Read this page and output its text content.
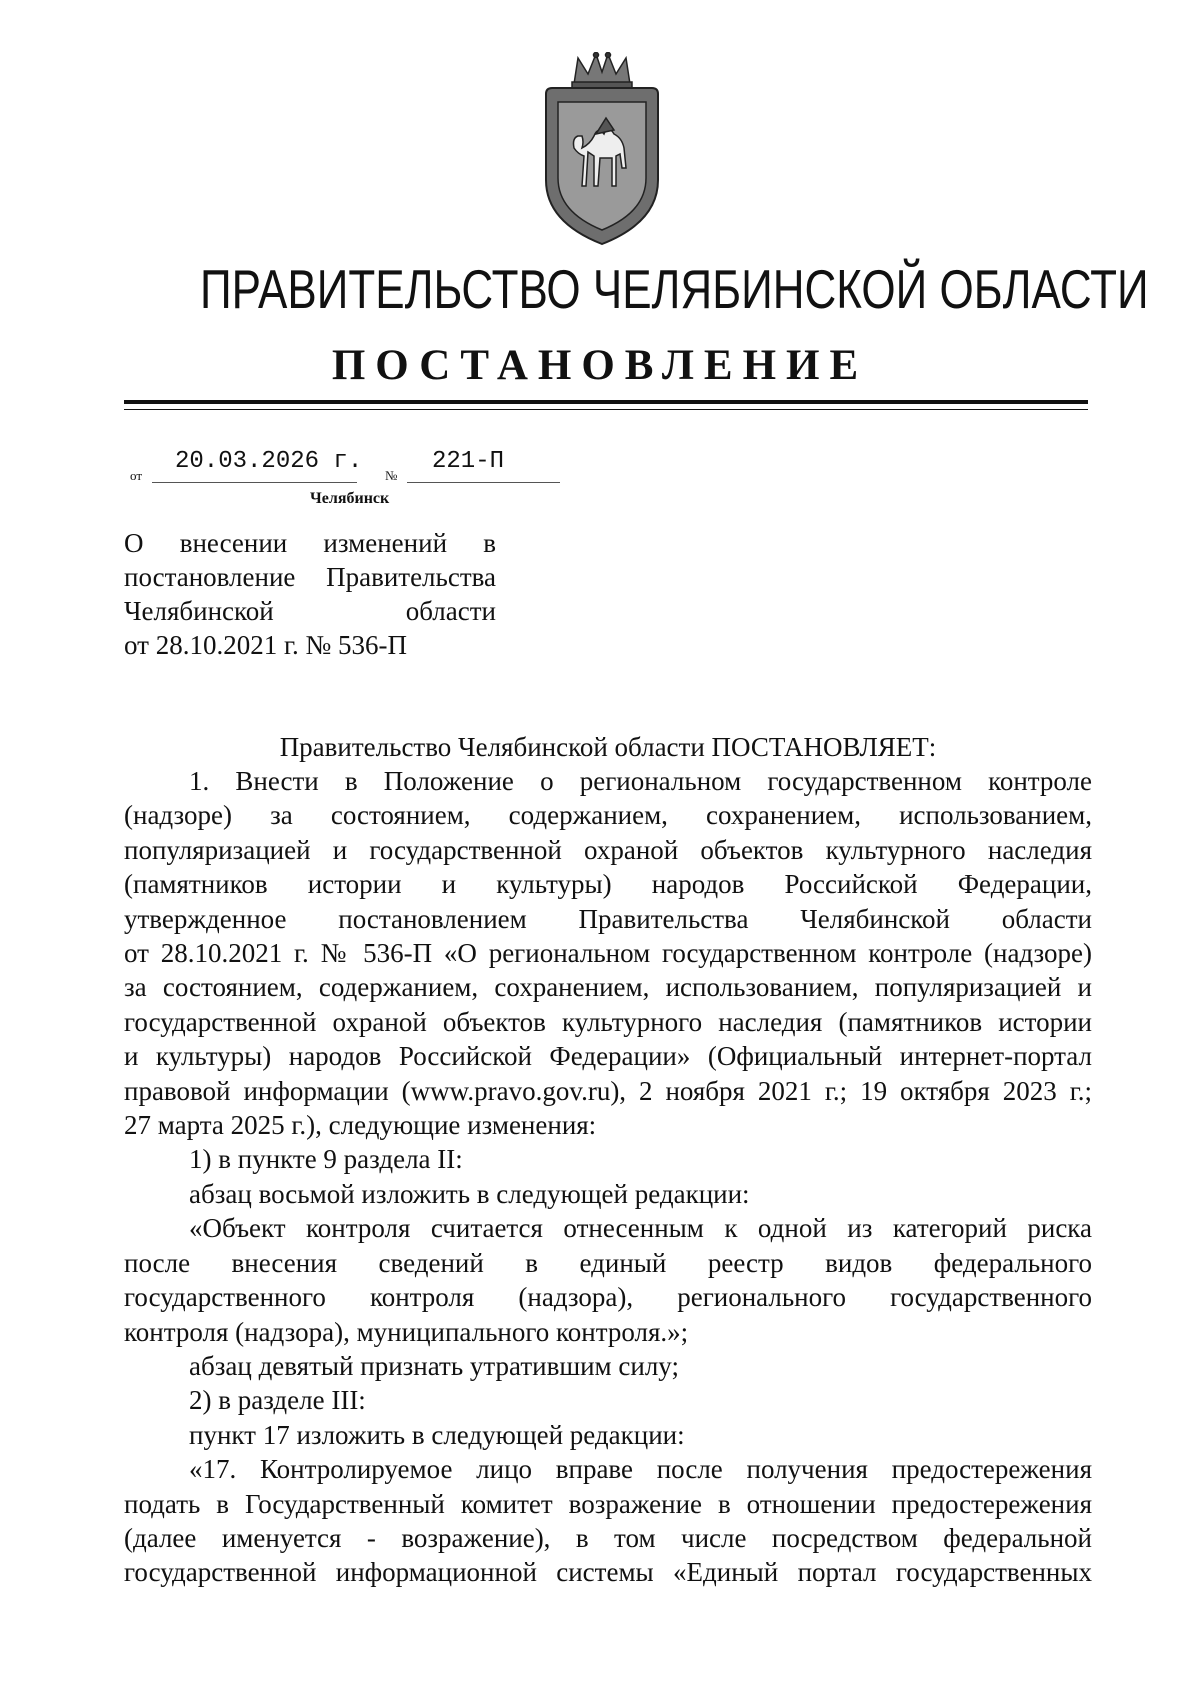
ПРАВИТЕЛЬСТВО ЧЕЛЯБИНСКОЙ ОБЛАСТИ
ПОСТАНОВЛЕНИЕ
от
20.03.2026 г.
№
221-П
Челябинск
О внесении изменений в
постановление Правительства
Челябинской области
от 28.10.2021 г. № 536-П
Правительство Челябинской области ПОСТАНОВЛЯЕТ:
1. Внести в Положение о региональном государственном контроле
(надзоре) за состоянием, содержанием, сохранением, использованием,
популяризацией и государственной охраной объектов культурного наследия
(памятников истории и культуры) народов Российской Федерации,
утвержденное постановлением Правительства Челябинской области
от 28.10.2021 г. № 536-П «О региональном государственном контроле (надзоре)
за состоянием, содержанием, сохранением, использованием, популяризацией и
государственной охраной объектов культурного наследия (памятников истории
и культуры) народов Российской Федерации» (Официальный интернет-портал
правовой информации (www.pravo.gov.ru), 2 ноября 2021 г.; 19 октября 2023 г.;
27 марта 2025 г.), следующие изменения:
1) в пункте 9 раздела II:
абзац восьмой изложить в следующей редакции:
«Объект контроля считается отнесенным к одной из категорий риска
после внесения сведений в единый реестр видов федерального
государственного контроля (надзора), регионального государственного
контроля (надзора), муниципального контроля.»;
абзац девятый признать утратившим силу;
2) в разделе III:
пункт 17 изложить в следующей редакции:
«17. Контролируемое лицо вправе после получения предостережения
подать в Государственный комитет возражение в отношении предостережения
(далее именуется - возражение), в том числе посредством федеральной
государственной информационной системы «Единый портал государственных
